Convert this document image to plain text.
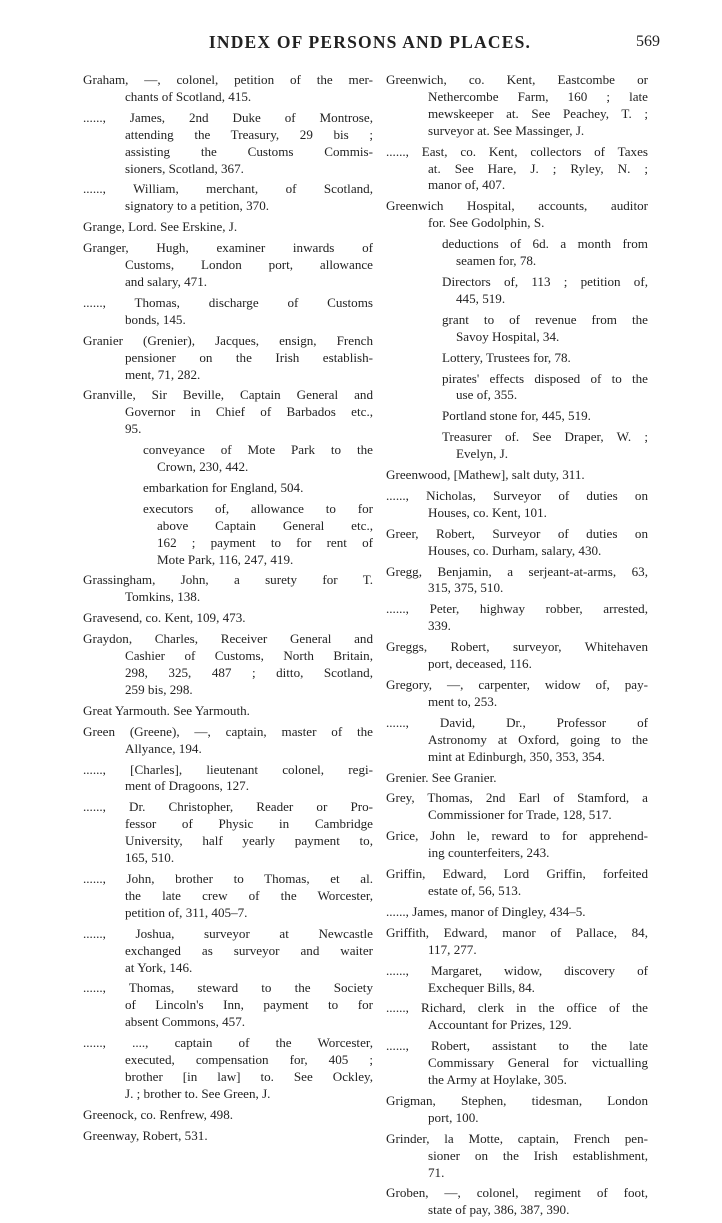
INDEX OF PERSONS AND PLACES.	569
Graham, —, colonel, petition of the mer-
chants of Scotland, 415.
......, James, 2nd Duke of Montrose,
attending the Treasury, 29 bis ;
assisting the Customs Commis-
sioners, Scotland, 367.
......, William, merchant, of Scotland,
signatory to a petition, 370.
Grange, Lord. See Erskine, J.
Granger, Hugh, examiner inwards of
Customs, London port, allowance
and salary, 471.
......, Thomas, discharge of Customs
bonds, 145.
Granier (Grenier), Jacques, ensign, French
pensioner on the Irish establish-
ment, 71, 282.
Granville, Sir Beville, Captain General and
Governor in Chief of Barbados etc.,
95.
conveyance of Mote Park to the
Crown, 230, 442.
embarkation for England, 504.
executors of, allowance to for
above Captain General etc.,
162 ; payment to for rent of
Mote Park, 116, 247, 419.
Grassingham, John, a surety for T.
Tomkins, 138.
Gravesend, co. Kent, 109, 473.
Graydon, Charles, Receiver General and
Cashier of Customs, North Britain,
298, 325, 487 ; ditto, Scotland,
259 bis, 298.
Great Yarmouth. See Yarmouth.
Green (Greene), —, captain, master of the
Allyance, 194.
......, [Charles], lieutenant colonel, regi-
ment of Dragoons, 127.
......, Dr. Christopher, Reader or Pro-
fessor of Physic in Cambridge
University, half yearly payment to,
165, 510.
......, John, brother to Thomas, et al.
the late crew of the Worcester,
petition of, 311, 405–7.
......, Joshua, surveyor at Newcastle
exchanged as surveyor and waiter
at York, 146.
......, Thomas, steward to the Society
of Lincoln's Inn, payment to for
absent Commons, 457.
......, ...., captain of the Worcester,
executed, compensation for, 405 ;
brother [in law] to. See Ockley,
J. ; brother to. See Green, J.
Greenock, co. Renfrew, 498.
Greenway, Robert, 531.
Greenwich, co. Kent, Eastcombe or
Nethercombe Farm, 160 ; late
mewskeeper at. See Peachey, T. ;
surveyor at. See Massinger, J.
......, East, co. Kent, collectors of Taxes
at. See Hare, J. ; Ryley, N. ;
manor of, 407.
Greenwich Hospital, accounts, auditor
for. See Godolphin, S.
deductions of 6d. a month from
seamen for, 78.
Directors of, 113 ; petition of,
445, 519.
grant to of revenue from the
Savoy Hospital, 34.
Lottery, Trustees for, 78.
pirates' effects disposed of to the
use of, 355.
Portland stone for, 445, 519.
Treasurer of. See Draper, W. ;
Evelyn, J.
Greenwood, [Mathew], salt duty, 311.
......, Nicholas, Surveyor of duties on
Houses, co. Kent, 101.
Greer, Robert, Surveyor of duties on
Houses, co. Durham, salary, 430.
Gregg, Benjamin, a serjeant-at-arms, 63,
315, 375, 510.
......, Peter, highway robber, arrested,
339.
Greggs, Robert, surveyor, Whitehaven
port, deceased, 116.
Gregory, —, carpenter, widow of, pay-
ment to, 253.
......, David, Dr., Professor of
Astronomy at Oxford, going to the
mint at Edinburgh, 350, 353, 354.
Grenier. See Granier.
Grey, Thomas, 2nd Earl of Stamford, a
Commissioner for Trade, 128, 517.
Grice, John le, reward to for apprehend-
ing counterfeiters, 243.
Griffin, Edward, Lord Griffin, forfeited
estate of, 56, 513.
......, James, manor of Dingley, 434–5.
Griffith, Edward, manor of Pallace, 84,
117, 277.
......, Margaret, widow, discovery of
Exchequer Bills, 84.
......, Richard, clerk in the office of the
Accountant for Prizes, 129.
......, Robert, assistant to the late
Commissary General for victualling
the Army at Hoylake, 305.
Grigman, Stephen, tidesman, London
port, 100.
Grinder, la Motte, captain, French pen-
sioner on the Irish establishment,
71.
Groben, —, colonel, regiment of foot,
state of pay, 386, 387, 390.
